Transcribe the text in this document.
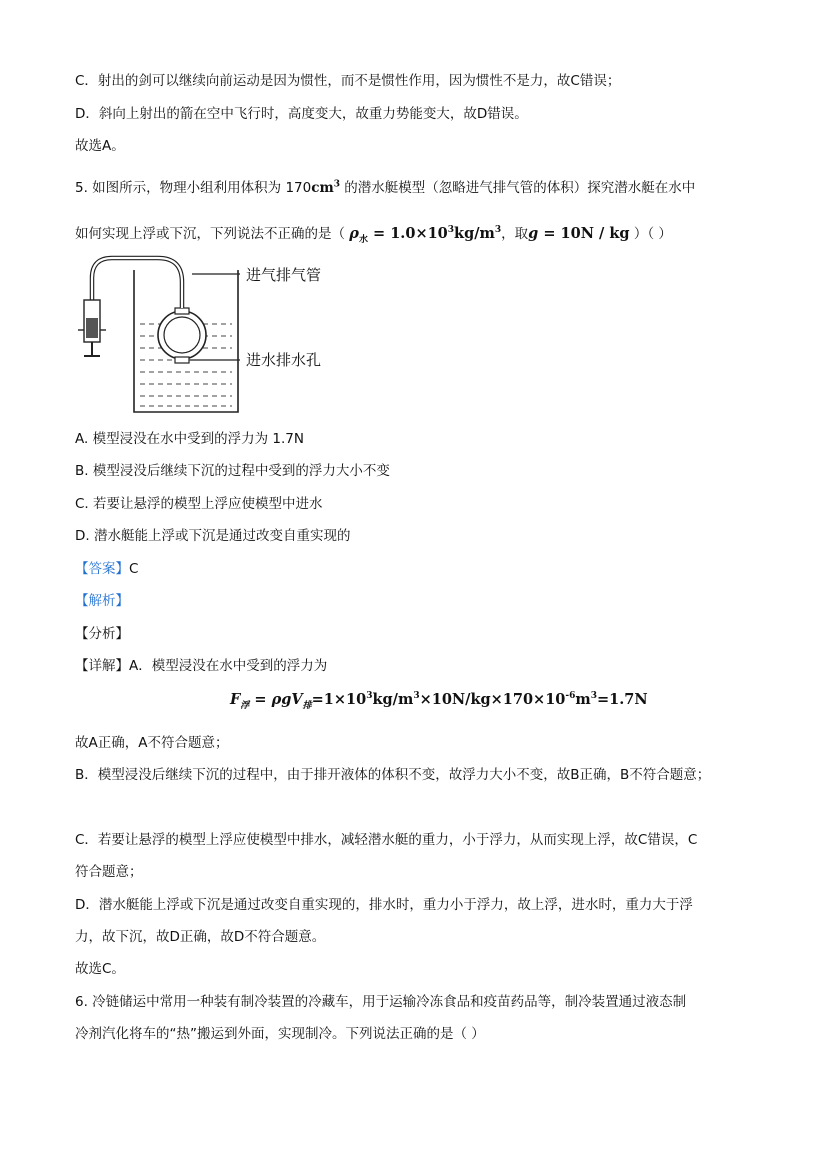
C．射出的剑可以继续向前运动是因为惯性，而不是惯性作用，因为惯性不是力，故C错误；
D．斜向上射出的箭在空中飞行时，高度变大，故重力势能变大，故D错误。
故选A。
5. 如图所示，物理小组利用体积为 $170cm^3$ 的潜水艇模型（忽略进气排气管的体积）探究潜水艇在水中
如何实现上浮或下沉，下列说法不正确的是（ $\rho_水 = 1.0\times 10^3kg/m^3$，取g = 10N / kg ）（ ）
进气排气管
进水排水孔
A. 模型浸没在水中受到的浮力为 1.7N
B. 模型浸没后继续下沉的过程中受到的浮力大小不变
C. 若要让悬浮的模型上浮应使模型中进水
D. 潜水艇能上浮或下沉是通过改变自重实现的
【答案】C
【解析】
【分析】
【详解】A．模型浸没在水中受到的浮力为
$F_浮 = \rho gV_排=1\times 10^3kg/m^3\times 10N/kg\times 170\times 10^{-6}m^3=1.7N$
故A正确，A不符合题意；
B．模型浸没后继续下沉的过程中，由于排开液体的体积不变，故浮力大小不变，故B正确，B不符合题意；
C．若要让悬浮的模型上浮应使模型中排水，减轻潜水艇的重力，小于浮力，从而实现上浮，故C错误，C
符合题意；
D．潜水艇能上浮或下沉是通过改变自重实现的，排水时，重力小于浮力，故上浮，进水时，重力大于浮
力，故下沉，故D正确，故D不符合题意。
故选C。
6. 冷链储运中常用一种装有制冷装置的冷藏车，用于运输冷冻食品和疫苗药品等，制冷装置通过液态制
冷剂汽化将车的“热”搬运到外面，实现制冷。下列说法正确的是（ ）
